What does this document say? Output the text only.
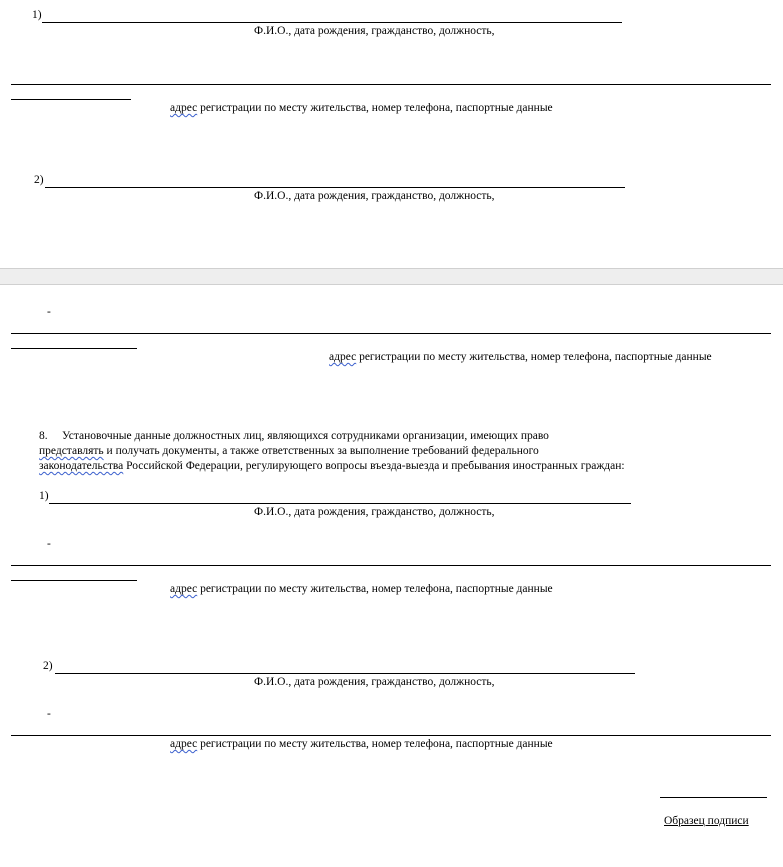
1)
Ф.И.О., дата рождения, гражданство, должность,
адрес регистрации по месту жительства, номер телефона, паспортные данные
2)
Ф.И.О., дата рождения, гражданство, должность,
-
адрес регистрации по месту жительства, номер телефона, паспортные данные
8. Установочные данные должностных лиц, являющихся сотрудниками организации, имеющих право
представлять и получать документы, а также ответственных за выполнение требований федерального
законодательства Российской Федерации, регулирующего вопросы въезда-выезда и пребывания иностранных граждан:
1)
Ф.И.О., дата рождения, гражданство, должность,
-
адрес регистрации по месту жительства, номер телефона, паспортные данные
2)
Ф.И.О., дата рождения, гражданство, должность,
-
адрес регистрации по месту жительства, номер телефона, паспортные данные
Образец подписи
